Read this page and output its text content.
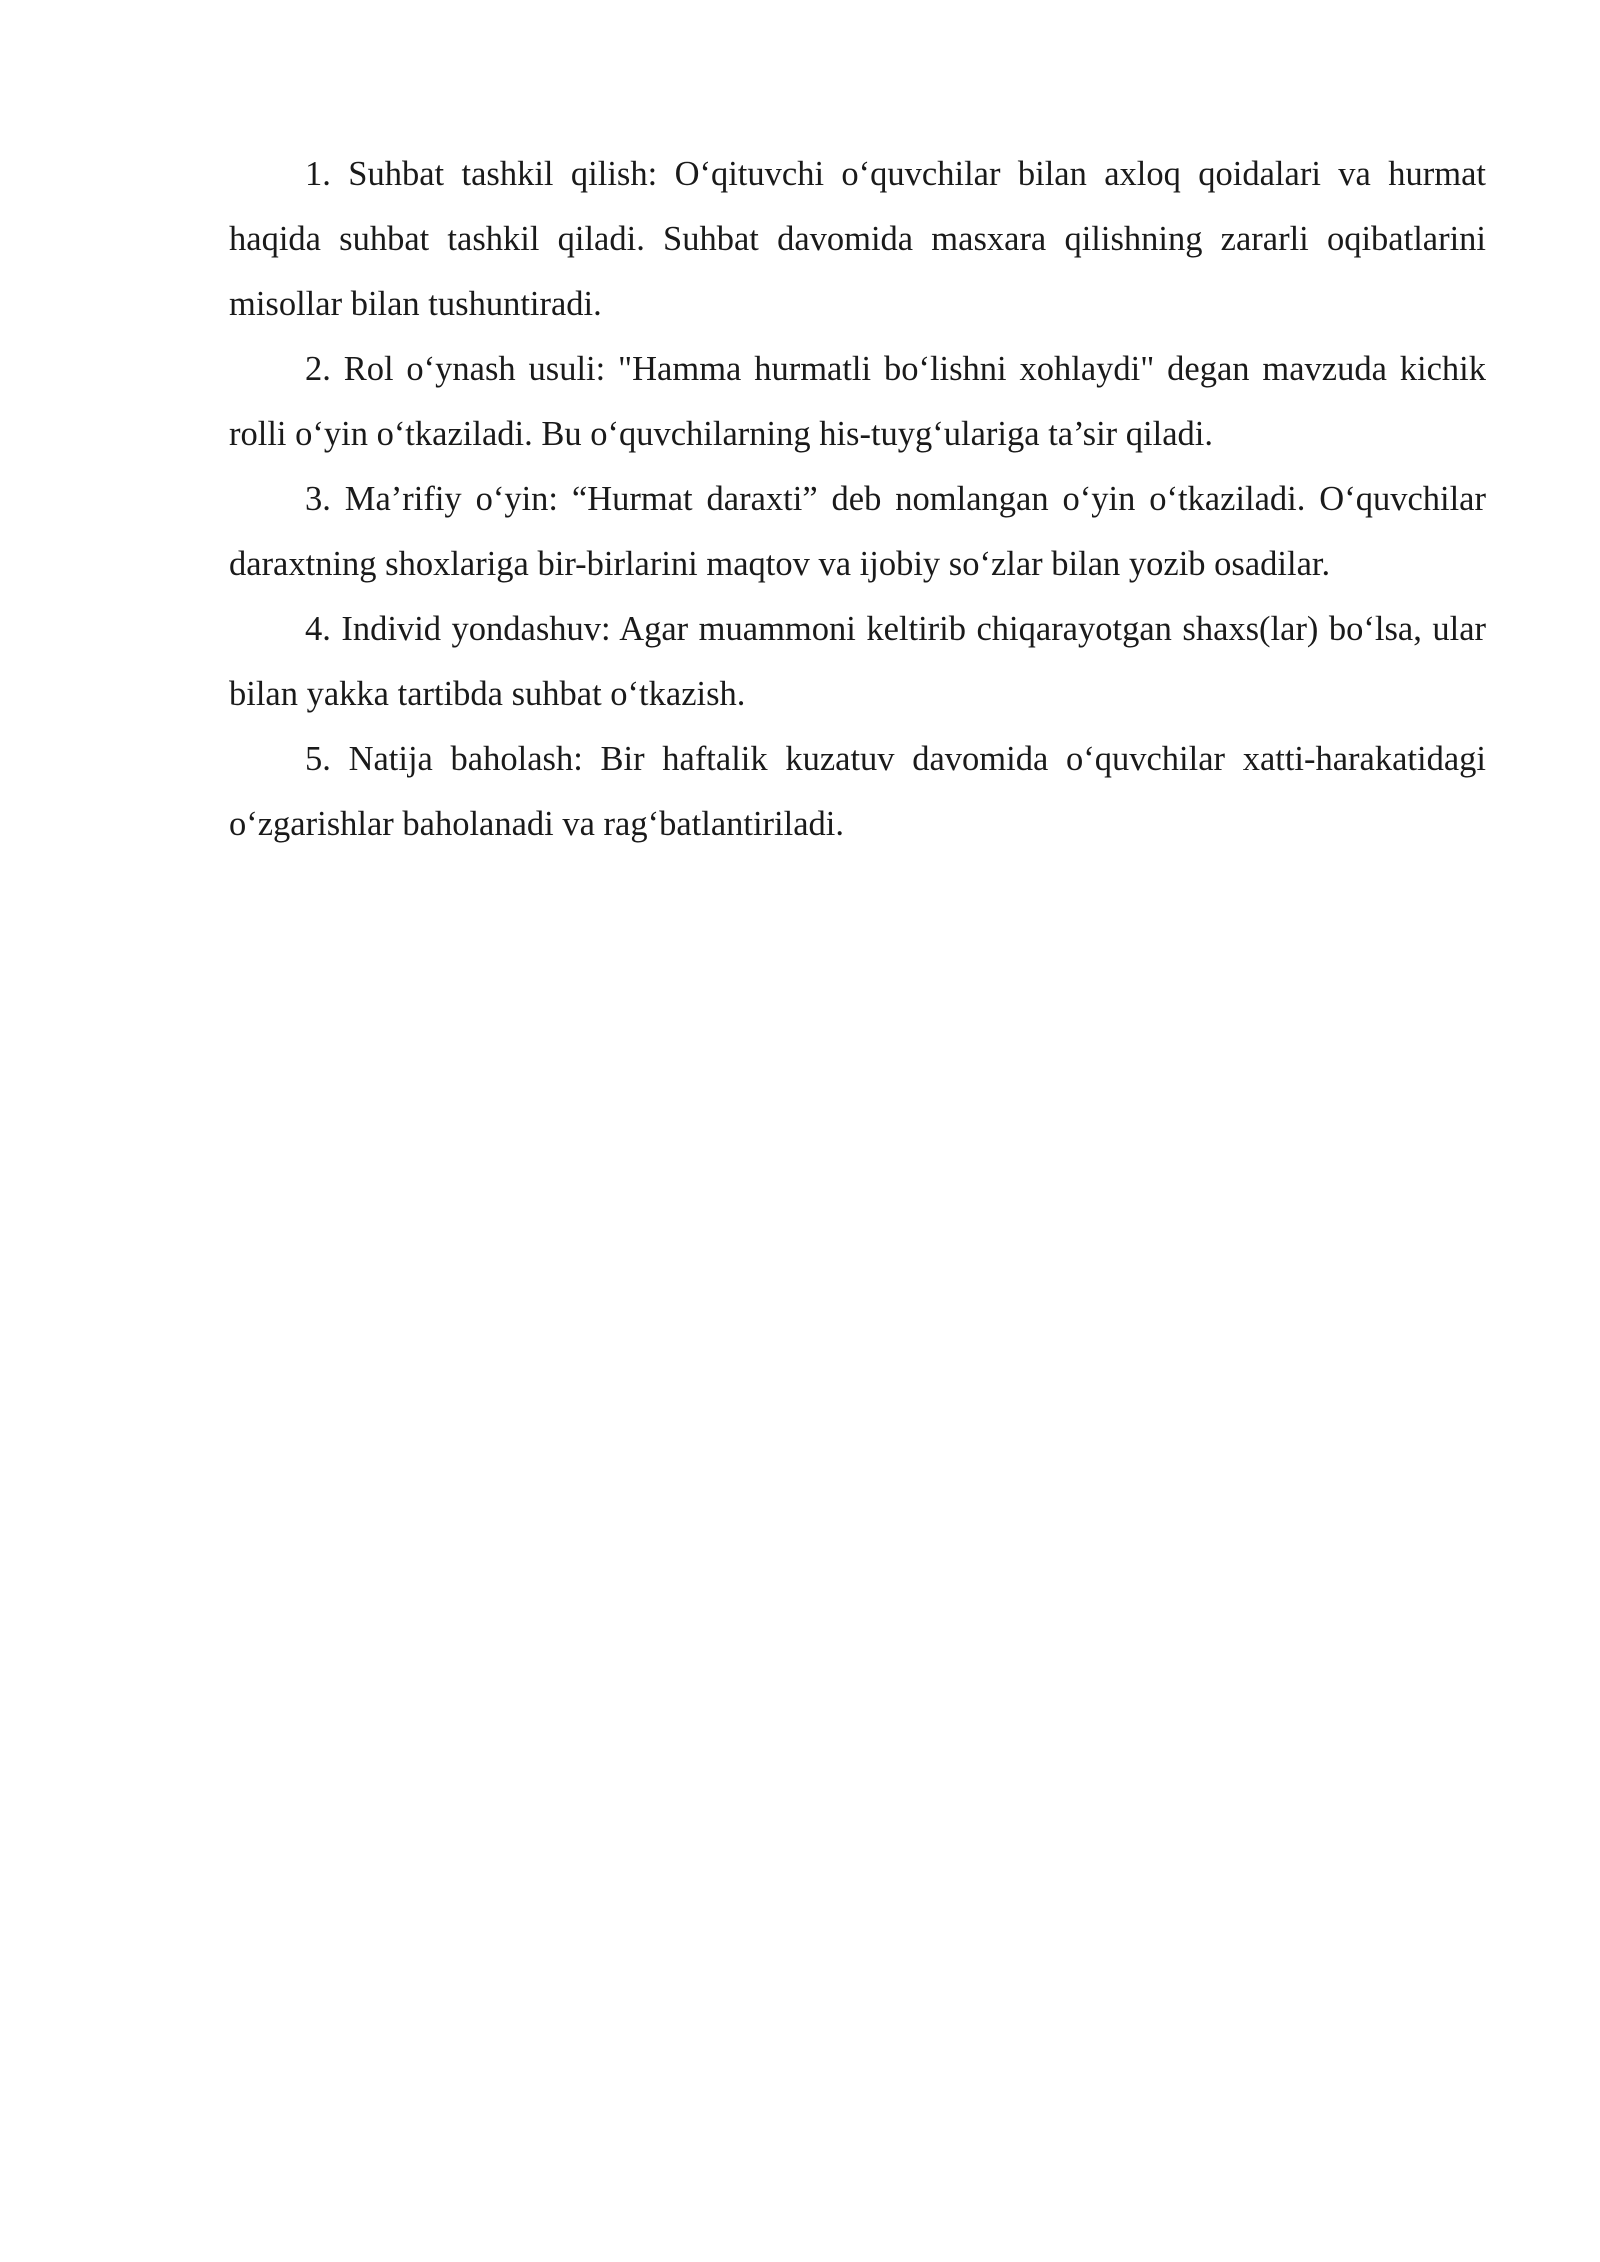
1. Suhbat tashkil qilish: O‘qituvchi o‘quvchilar bilan axloq qoidalari va hurmat haqida suhbat tashkil qiladi. Suhbat davomida masxara qilishning zararli oqibatlarini misollar bilan tushuntiradi.

2. Rol o‘ynash usuli: "Hamma hurmatli bo‘lishni xohlaydi" degan mavzuda kichik rolli o‘yin o‘tkaziladi. Bu o‘quvchilarning his-tuyg‘ulariga ta’sir qiladi.

3. Ma’rifiy o‘yin: “Hurmat daraxti” deb nomlangan o‘yin o‘tkaziladi. O‘quvchilar daraxtning shoxlariga bir-birlarini maqtov va ijobiy so‘zlar bilan yozib osadilar.

4. Individ yondashuv: Agar muammoni keltirib chiqarayotgan shaxs(lar) bo‘lsa, ular bilan yakka tartibda suhbat o‘tkazish.

5. Natija baholash: Bir haftalik kuzatuv davomida o‘quvchilar xatti-harakatidagi o‘zgarishlar baholanadi va rag‘batlantiriladi.
